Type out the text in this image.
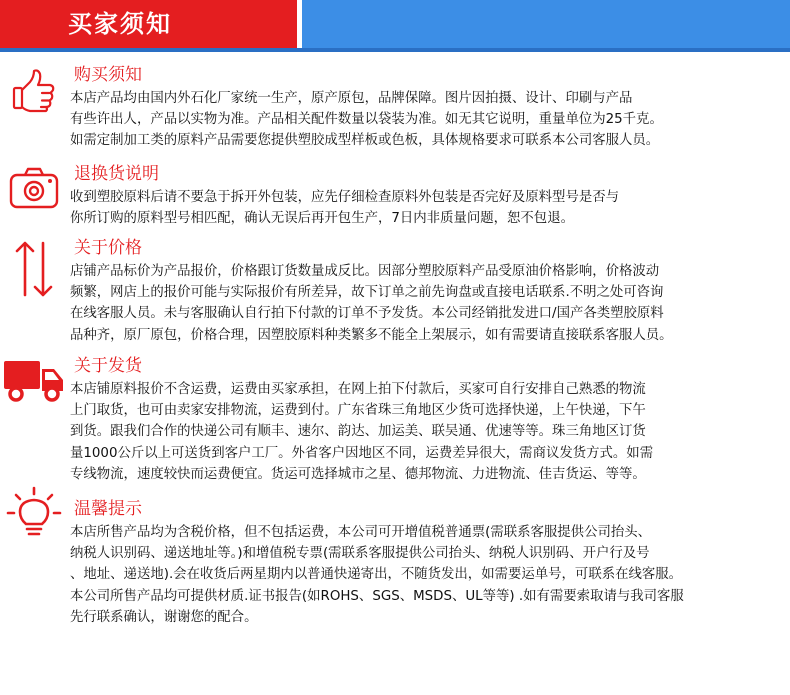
买家须知
购买须知

本店产品均由国内外石化厂家统一生产，原产原包，品牌保障。图片因拍摄、设计、印刷与产品

有些许出人，产品以实物为准。产品相关配件数量以袋装为准。如无其它说明，重量单位为25千克。

如需定制加工类的原料产品需要您提供塑胶成型样板或色板，具体规格要求可联系本公司客服人员。

退换货说明

收到塑胶原料后请不要急于拆开外包装，应先仔细检查原料外包装是否完好及原料型号是否与

你所订购的原料型号相匹配，确认无误后再开包生产，7日内非质量问题，恕不包退。

关于价格

店铺产品标价为产品报价，价格跟订货数量成反比。因部分塑胶原料产品受原油价格影响，价格波动

频繁，网店上的报价可能与实际报价有所差异，故下订单之前先询盘或直接电话联系.不明之处可咨询

在线客服人员。未与客服确认自行拍下付款的订单不予发货。本公司经销批发进口/国产各类塑胶原料

品种齐，原厂原包，价格合理，因塑胶原料种类繁多不能全上架展示，如有需要请直接联系客服人员。

关于发货

本店铺原料报价不含运费，运费由买家承担，在网上拍下付款后，买家可自行安排自己熟悉的物流

上门取货，也可由卖家安排物流，运费到付。广东省珠三角地区少货可选择快递，上午快递，下午

到货。跟我们合作的快递公司有顺丰、速尔、韵达、加运美、联吴通、优速等等。珠三角地区订货

量1000公斤以上可送货到客户工厂。外省客户因地区不同，运费差异很大，需商议发货方式。如需

专线物流，速度较快而运费便宜。货运可选择城市之星、德邦物流、力进物流、佳吉货运、等等。

温馨提示

本店所售产品均为含税价格，但不包括运费，本公司可开增值税普通票(需联系客服提供公司抬头、

纳税人识别码、递送地址等。)和增值税专票(需联系客服提供公司抬头、纳税人识别码、开户行及号

、地址、递送地).会在收货后两星期内以普通快递寄出，不随货发出，如需要运单号，可联系在线客服。

本公司所售产品均可提供材质.证书报告(如ROHS、SGS、MSDS、UL等等) .如有需要索取请与我司客服

先行联系确认，谢谢您的配合。
